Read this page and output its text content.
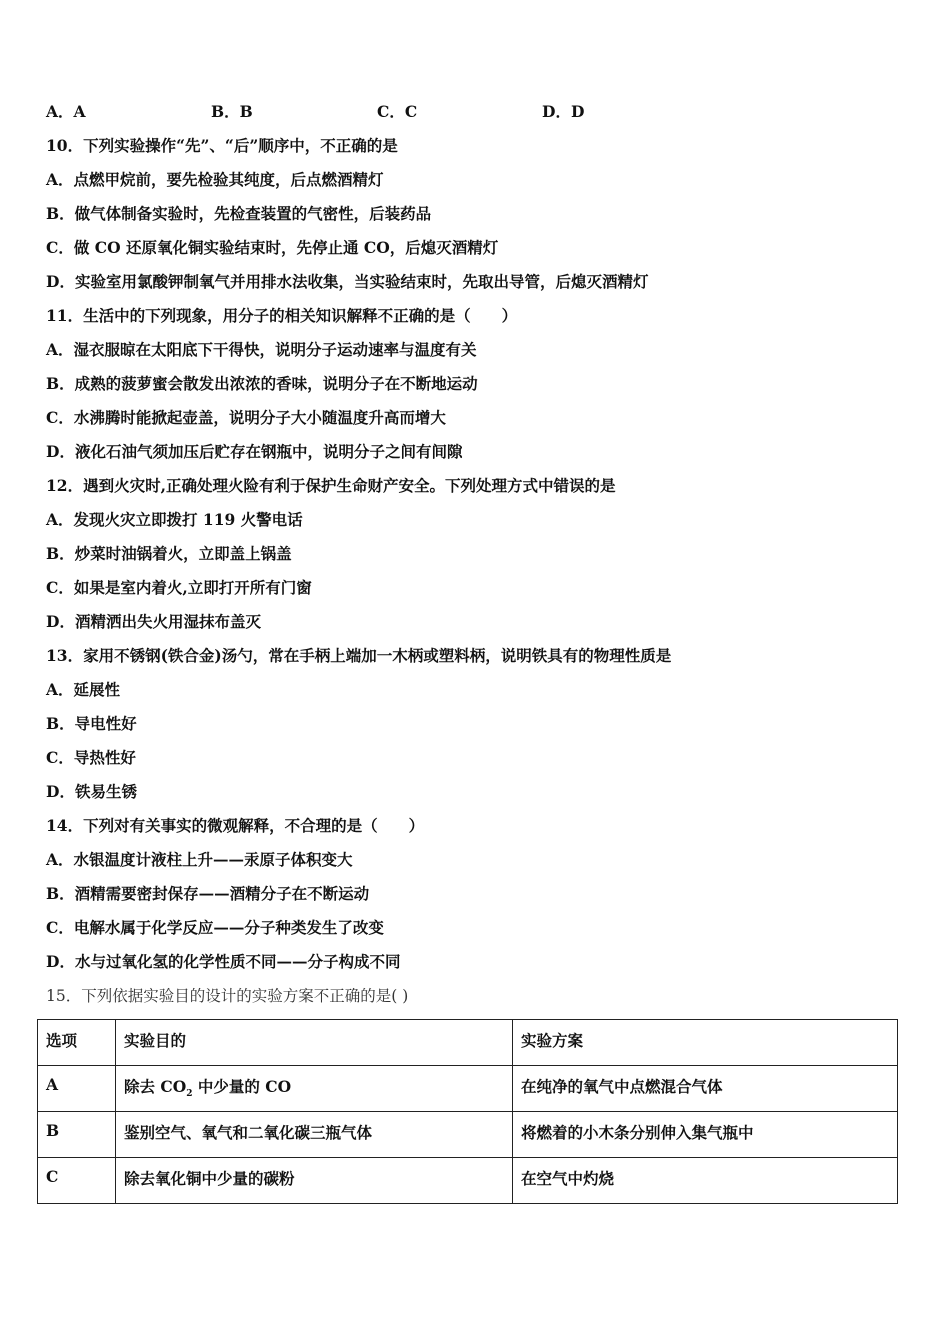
A．A	B．B	C．C	D．D
10．下列实验操作“先”、“后”顺序中，不正确的是
A．点燃甲烷前，要先检验其纯度，后点燃酒精灯
B．做气体制备实验时，先检查装置的气密性，后装药品
C．做 CO 还原氧化铜实验结束时，先停止通 CO，后熄灭酒精灯
D．实验室用氯酸钾制氧气并用排水法收集，当实验结束时，先取出导管，后熄灭酒精灯
11．生活中的下列现象，用分子的相关知识解释不正确的是（　　）
A．湿衣服晾在太阳底下干得快，说明分子运动速率与温度有关
B．成熟的菠萝蜜会散发出浓浓的香味，说明分子在不断地运动
C．水沸腾时能掀起壶盖，说明分子大小随温度升高而增大
D．液化石油气须加压后贮存在钢瓶中，说明分子之间有间隙
12．遇到火灾时,正确处理火险有利于保护生命财产安全。下列处理方式中错误的是
A．发现火灾立即拨打 119 火警电话
B．炒菜时油锅着火，立即盖上锅盖
C．如果是室内着火,立即打开所有门窗
D．酒精洒出失火用湿抹布盖灭
13．家用不锈钢(铁合金)汤勺，常在手柄上端加一木柄或塑料柄，说明铁具有的物理性质是
A．延展性
B．导电性好
C．导热性好
D．铁易生锈
14．下列对有关事实的微观解释，不合理的是（　　）
A．水银温度计液柱上升——汞原子体积变大
B．酒精需要密封保存——酒精分子在不断运动
C．电解水属于化学反应——分子种类发生了改变
D．水与过氧化氢的化学性质不同——分子构成不同
15．下列依据实验目的设计的实验方案不正确的是( )
选项	实验目的	实验方案
A	除去 $CO_2$ 中少量的 CO	在纯净的氧气中点燃混合气体
B	鉴别空气、氧气和二氧化碳三瓶气体	将燃着的小木条分别伸入集气瓶中
C	除去氧化铜中少量的碳粉	在空气中灼烧
